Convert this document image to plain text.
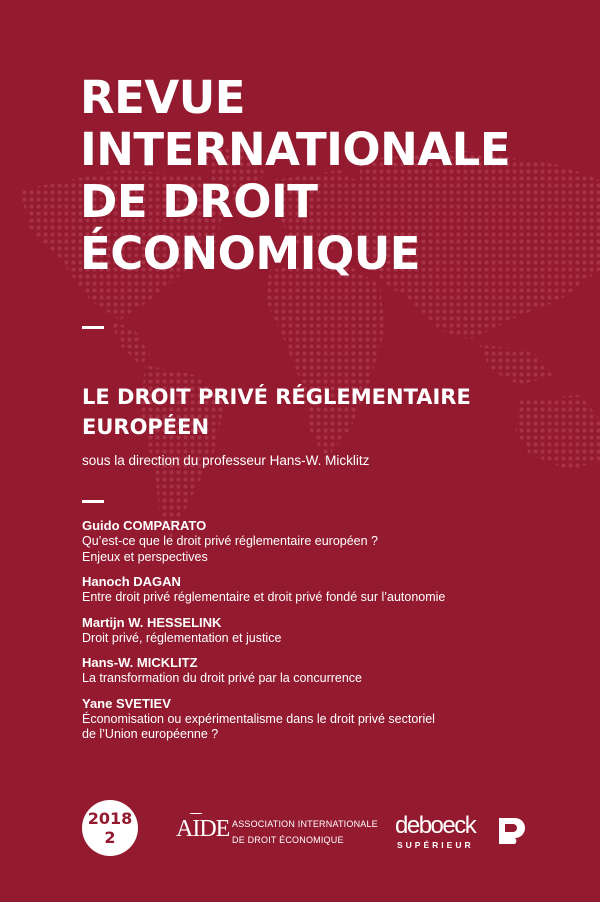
REVUE
INTERNATIONALE
DE DROIT
ÉCONOMIQUE
LE DROIT PRIVÉ RÉGLEMENTAIRE
EUROPÉEN
sous la direction du professeur Hans-W. Micklitz
Guido COMPARATO
Qu’est-ce que le droit privé réglementaire européen ?
Enjeux et perspectives
Hanoch DAGAN
Entre droit privé réglementaire et droit privé fondé sur l’autonomie
Martijn W. HESSELINK
Droit privé, réglementation et justice
Hans-W. MICKLITZ
La transformation du droit privé par la concurrence
Yane SVETIEV
Économisation ou expérimentalisme dans le droit privé sectoriel
de l’Union européenne ?
2018
2	AIDE ASSOCIATION INTERNATIONALE
DE DROIT ÉCONOMIQUE
deboeck
SUPÉRIEUR
